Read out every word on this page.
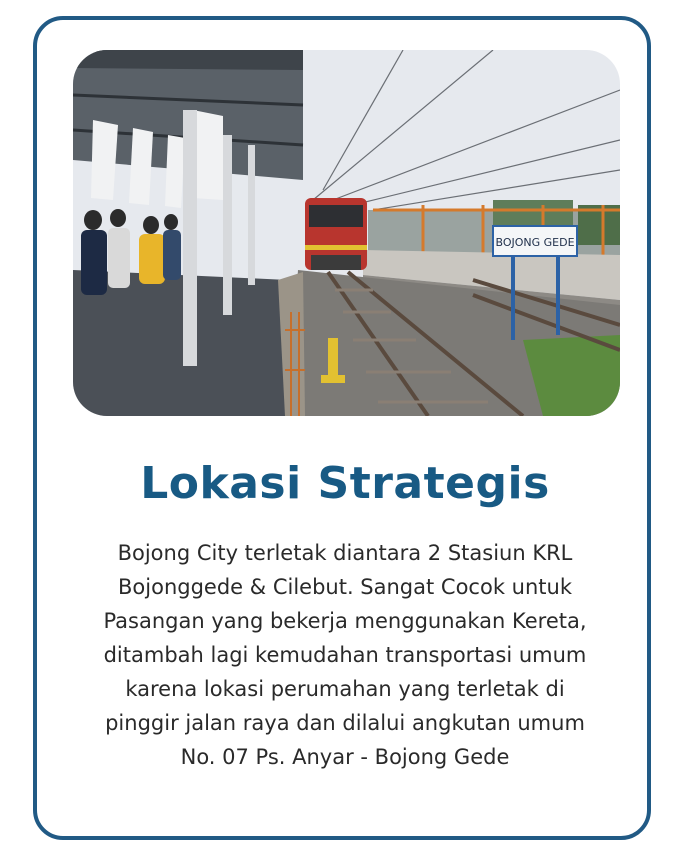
BOJONG GEDE
Lokasi Strategis
Bojong City terletak diantara 2 Stasiun KRL Bojonggede & Cilebut. Sangat Cocok untuk Pasangan yang bekerja menggunakan Kereta, ditambah lagi kemudahan transportasi umum karena lokasi perumahan yang terletak di pinggir jalan raya dan dilalui angkutan umum No. 07 Ps. Anyar - Bojong Gede
